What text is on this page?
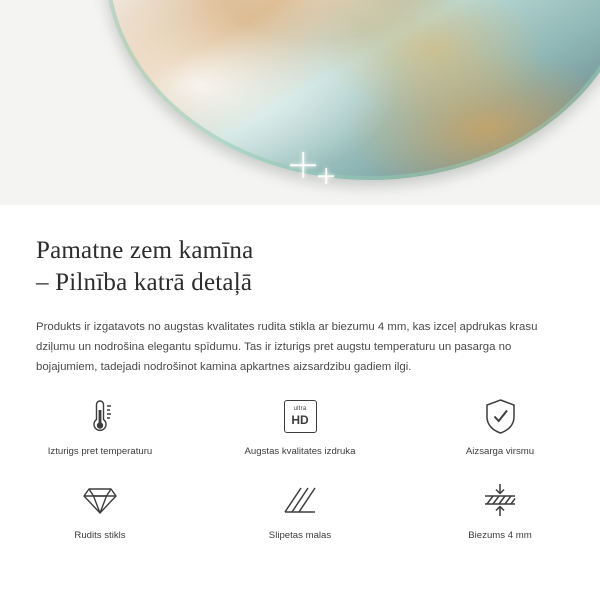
Pamatne zem kamīna
– Pilnība katrā detaļā

Produkts ir izgatavots no augstas kvalitates rudita stikla ar biezumu 4 mm, kas izceļ apdrukas krasu dziļumu un nodrošina elegantu spīdumu. Tas ir izturigs pret augstu temperaturu un pasarga no bojajumiem, tadejadi nodrošinot kamina apkartnes aizsardzibu gadiem ilgi.

Izturigs pret temperaturu
ultra
HD
Augstas kvalitates izdruka	Aizsarga virsmu
Rudits stikls	Slipetas malas	Biezums 4 mm
